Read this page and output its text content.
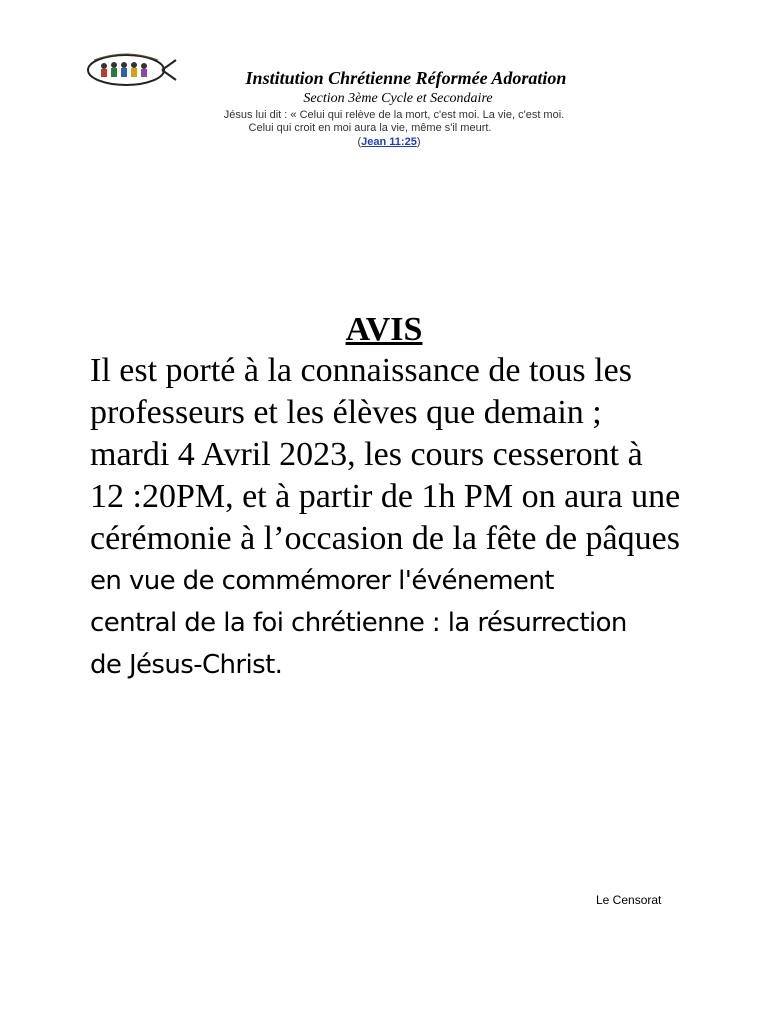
Institution Chrétienne Réformée Adoration
Section 3ème Cycle et Secondaire
Jésus lui dit : « Celui qui relève de la mort, c'est moi. La vie, c'est moi.
Celui qui croit en moi aura la vie, même s'il meurt.
(Jean 11:25)
AVIS
Il est porté à la connaissance de tous les
professeurs et les élèves que demain ;
mardi 4 Avril 2023, les cours cesseront à
12 :20PM, et à partir de 1h PM on aura une
cérémonie à l’occasion de la fête de pâques
en vue de commémorer l'événement
central de la foi chrétienne : la résurrection
de Jésus-Christ.
Le Censorat
